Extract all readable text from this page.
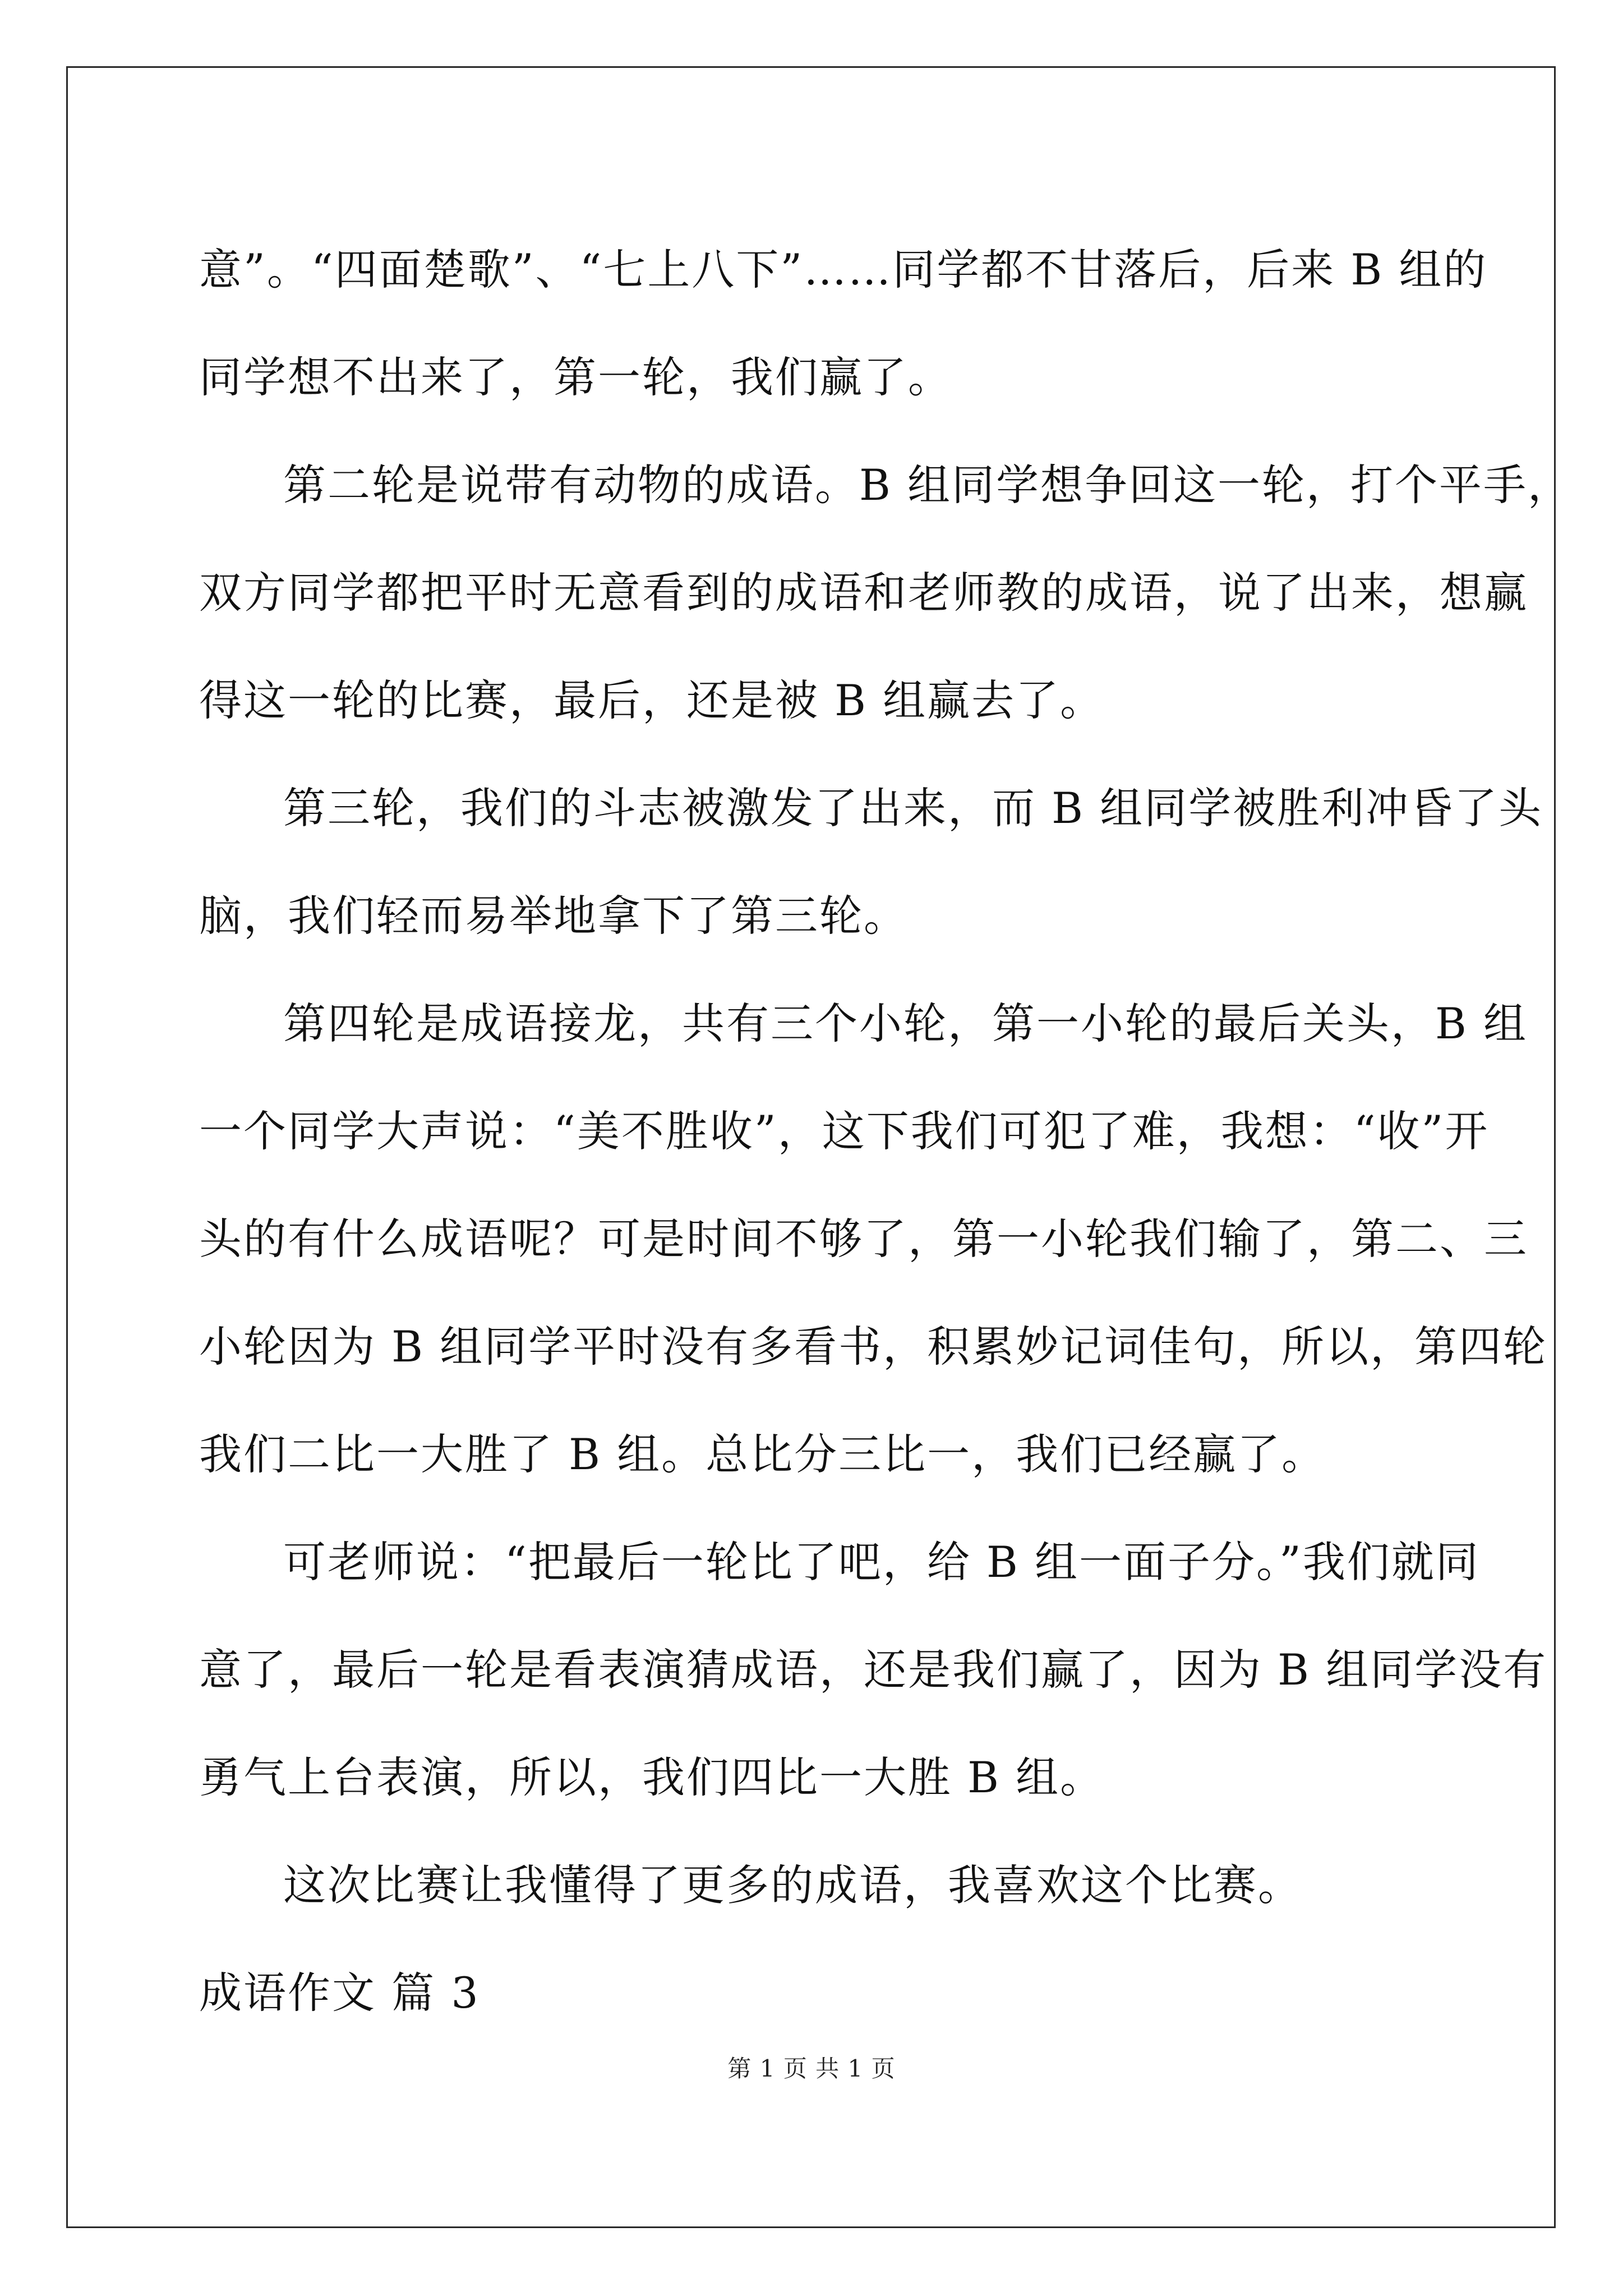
意”。“四面楚歌”、“七上八下”……同学都不甘落后，后来 B 组的
同学想不出来了，第一轮，我们赢了。
第二轮是说带有动物的成语。B 组同学想争回这一轮，打个平手，
双方同学都把平时无意看到的成语和老师教的成语，说了出来，想赢
得这一轮的比赛，最后，还是被 B 组赢去了。
第三轮，我们的斗志被激发了出来，而 B 组同学被胜利冲昏了头
脑，我们轻而易举地拿下了第三轮。
第四轮是成语接龙，共有三个小轮，第一小轮的最后关头，B 组
一个同学大声说：“美不胜收”，这下我们可犯了难，我想：“收”开
头的有什么成语呢？可是时间不够了，第一小轮我们输了，第二、三
小轮因为 B 组同学平时没有多看书，积累妙记词佳句，所以，第四轮
我们二比一大胜了 B 组。总比分三比一，我们已经赢了。
可老师说：“把最后一轮比了吧，给 B 组一面子分。”我们就同
意了，最后一轮是看表演猜成语，还是我们赢了，因为 B 组同学没有
勇气上台表演，所以，我们四比一大胜 B 组。
这次比赛让我懂得了更多的成语，我喜欢这个比赛。
成语作文 篇 3
第 1 页 共 1 页
